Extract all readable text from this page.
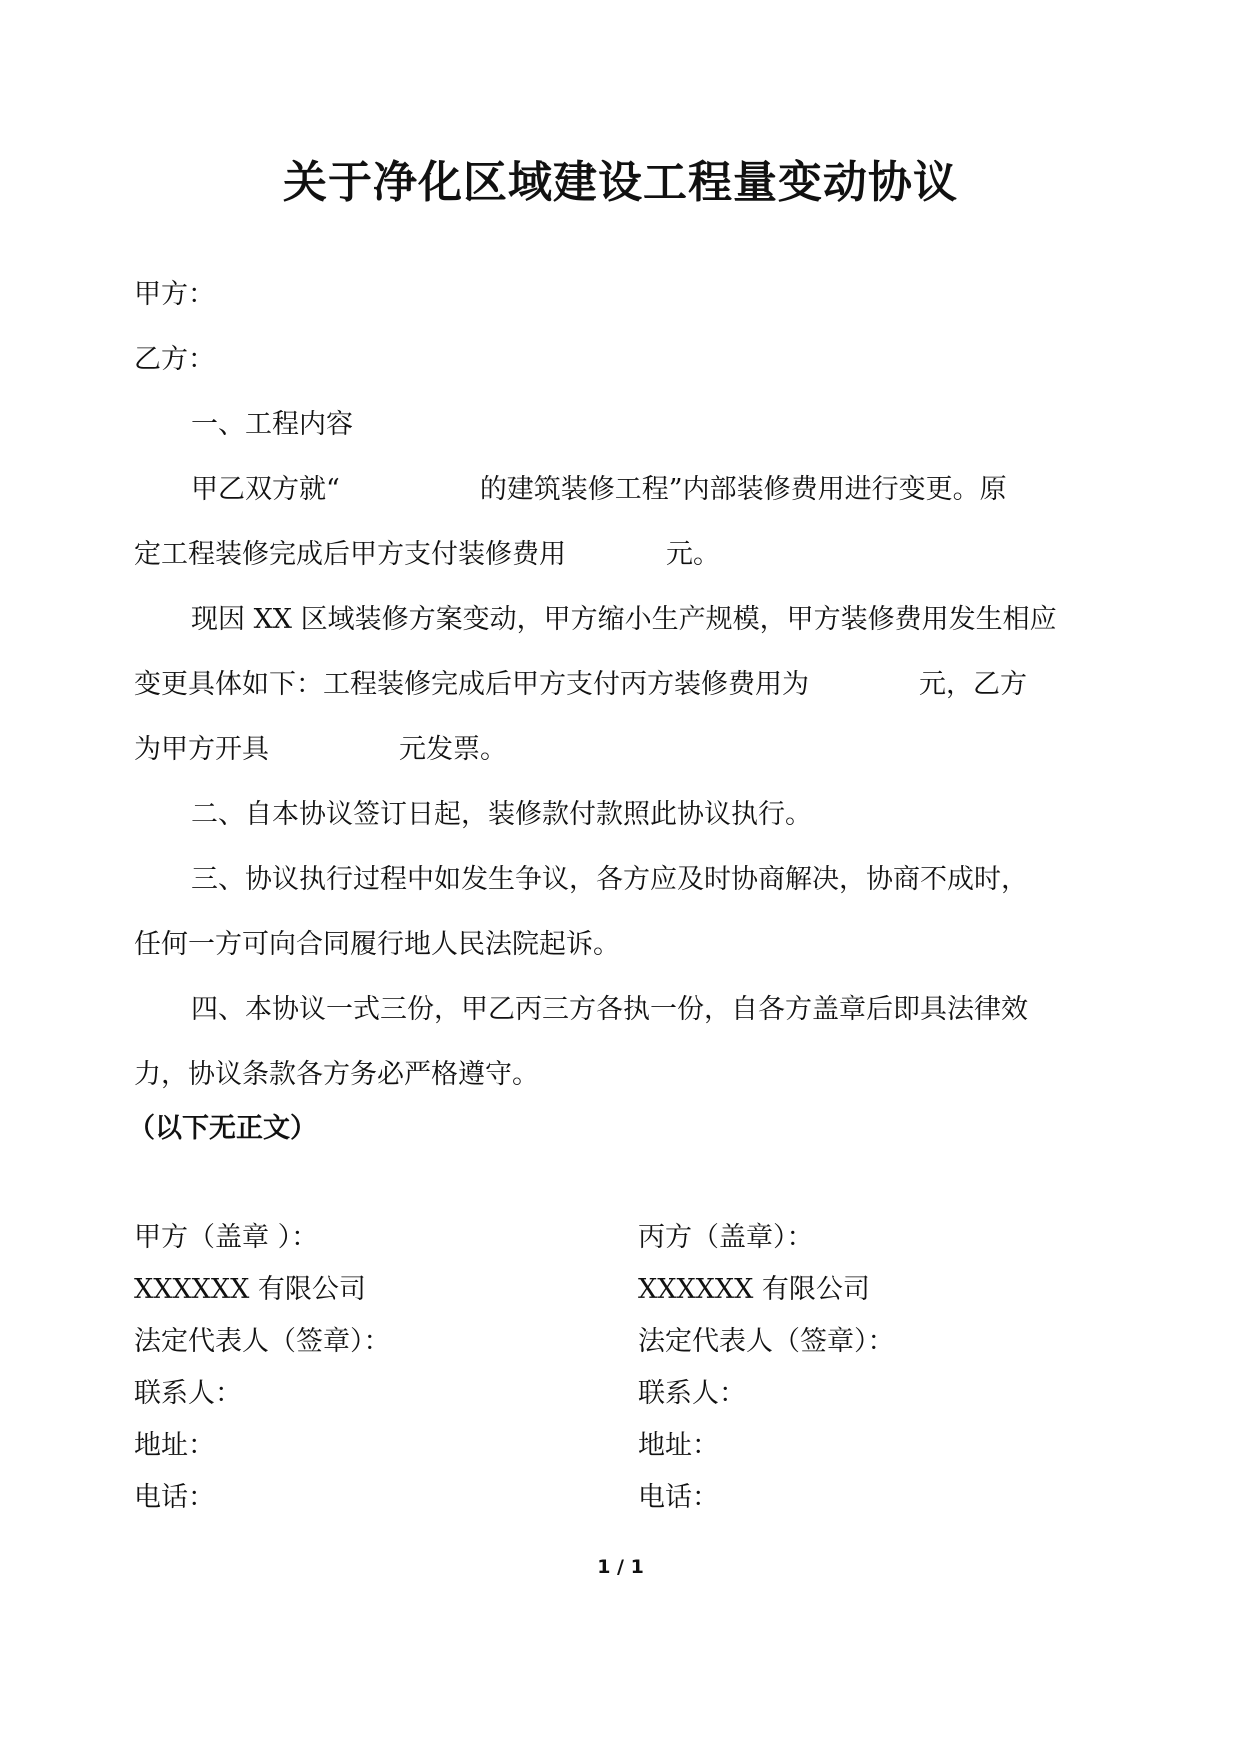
关于净化区域建设工程量变动协议
甲方：
乙方：
一、工程内容
甲乙双方就“	的建筑装修工程”内部装修费用进行变更。原
定工程装修完成后甲方支付装修费用	元。
现因 XX 区域装修方案变动，甲方缩小生产规模，甲方装修费用发生相应
变更具体如下：工程装修完成后甲方支付丙方装修费用为	元，乙方
为甲方开具	元发票。
二、自本协议签订日起，装修款付款照此协议执行。
三、协议执行过程中如发生争议，各方应及时协商解决，协商不成时，
任何一方可向合同履行地人民法院起诉。
四、本协议一式三份，甲乙丙三方各执一份，自各方盖章后即具法律效
力，协议条款各方务必严格遵守。
（以下无正文）
甲方（盖章 ）：
XXXXXX 有限公司
法定代表人（签章）：
联系人：
地址：
电话：
丙方（盖章）：
XXXXXX 有限公司
法定代表人（签章）：
联系人：
地址：
电话：
1 / 1
